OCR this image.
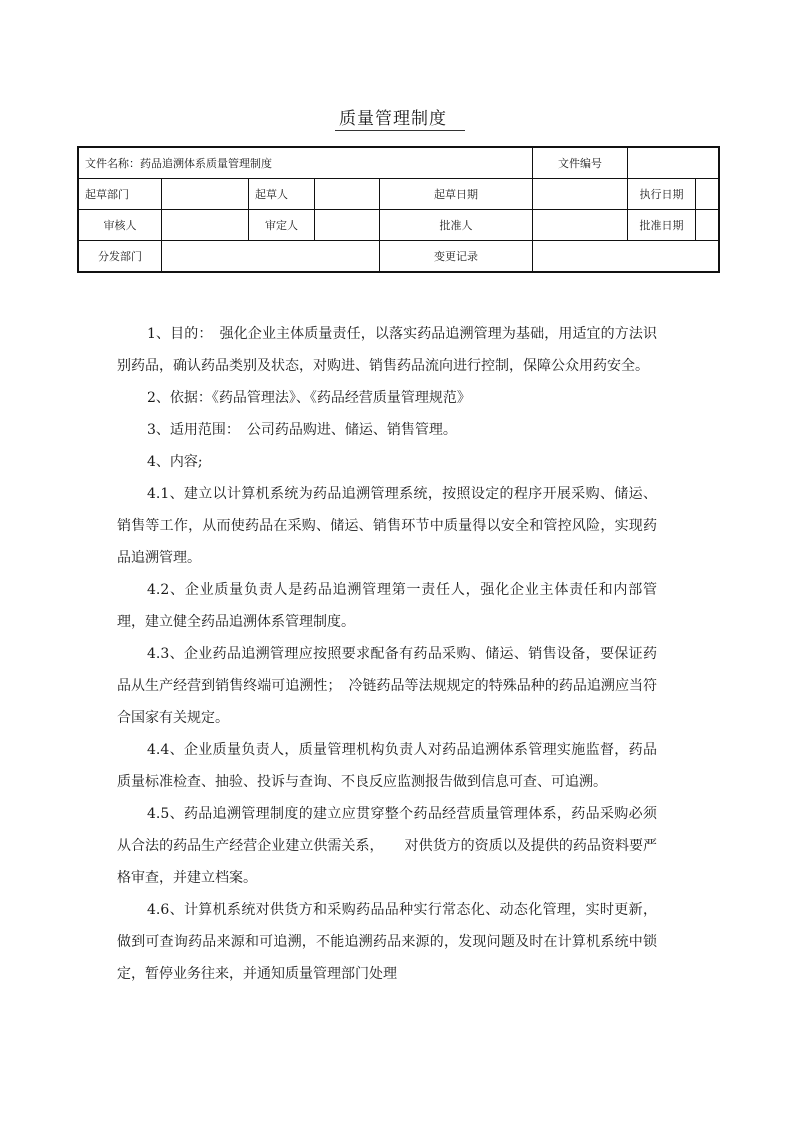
质量管理制度
文件名称：药品追溯体系质量管理制度					文件编号		
起草部门		起草人		起草日期		执行日期	
审核人		审定人		批准人		批准日期	
分发部门				变更记录			

1、目的：　 强化企业主体质量责任，以落实药品追溯管理为基础，用适宜的方法识别药品，确认药品类别及状态，对购进、销售药品流向进行控制，保障公众用药安全。

2、依据：《药品管理法》、《药品经营质量管理规范》

3、适用范围：　 公司药品购进、储运、销售管理。

4、内容;

4.1、建立以计算机系统为药品追溯管理系统，按照设定的程序开展采购、储运、销售等工作，从而使药品在采购、储运、销售环节中质量得以安全和管控风险，实现药品追溯管理。

4.2、企业质量负责人是药品追溯管理第一责任人，强化企业主体责任和内部管理，建立健全药品追溯体系管理制度。

4.3、企业药品追溯管理应按照要求配备有药品采购、储运、销售设备，要保证药品从生产经营到销售终端可追溯性；　冷链药品等法规规定的特殊品种的药品追溯应当符合国家有关规定。

4.4、企业质量负责人，质量管理机构负责人对药品追溯体系管理实施监督，药品质量标准检查、抽验、投诉与查询、不良反应监测报告做到信息可查、可追溯。

4.5、药品追溯管理制度的建立应贯穿整个药品经营质量管理体系，药品采购必须从合法的药品生产经营企业建立供需关系，　　对供货方的资质以及提供的药品资料要严格审查，并建立档案。

4.6、计算机系统对供货方和采购药品品种实行常态化、动态化管理，实时更新，做到可查询药品来源和可追溯，不能追溯药品来源的，发现问题及时在计算机系统中锁定，暂停业务往来，并通知质量管理部门处理
